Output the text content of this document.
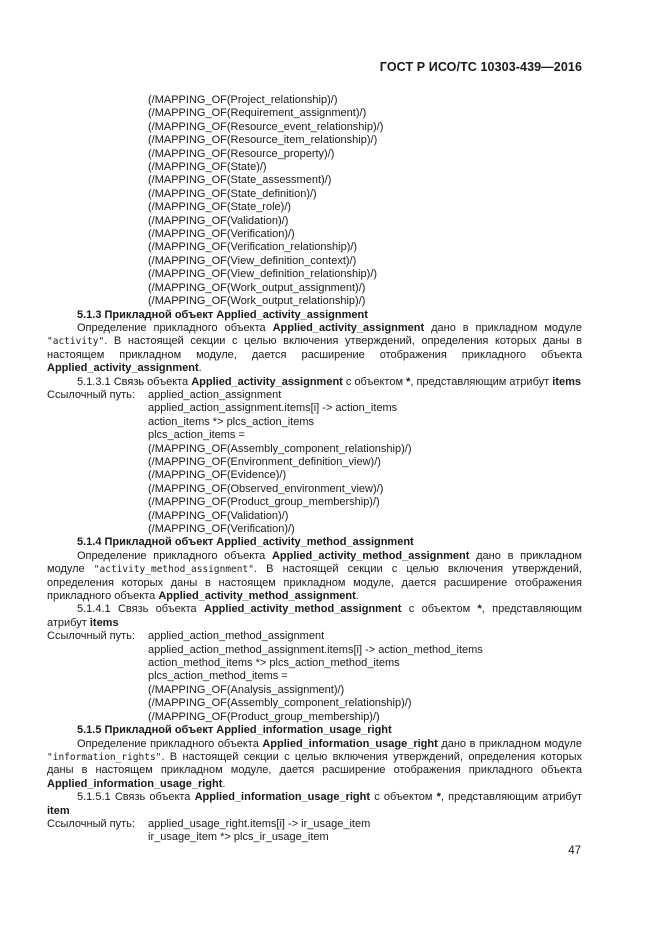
ГОСТ Р ИСО/ТС 10303-439—2016

(/MAPPING_OF(Project_relationship)/)

(/MAPPING_OF(Requirement_assignment)/)

(/MAPPING_OF(Resource_event_relationship)/)

(/MAPPING_OF(Resource_item_relationship)/)

(/MAPPING_OF(Resource_property)/)

(/MAPPING_OF(State)/)

(/MAPPING_OF(State_assessment)/)

(/MAPPING_OF(State_definition)/)

(/MAPPING_OF(State_role)/)

(/MAPPING_OF(Validation)/)

(/MAPPING_OF(Verification)/)

(/MAPPING_OF(Verification_relationship)/)

(/MAPPING_OF(View_definition_context)/)

(/MAPPING_OF(View_definition_relationship)/)

(/MAPPING_OF(Work_output_assignment)/)

(/MAPPING_OF(Work_output_relationship)/)

5.1.3 Прикладной объект Applied_activity_assignment

Определение прикладного объекта Applied_activity_assignment дано в прикладном модуле "activity". В настоящей секции с целью включения утверждений, определения которых даны в настоящем прикладном модуле, дается расширение отображения прикладного объекта Applied_activity_assignment.

5.1.3.1 Связь объекта Applied_activity_assignment с объектом *, представляющим атрибут items

Ссылочный путь:	applied_action_assignment

applied_action_assignment.items[i] -> action_items

action_items *> plcs_action_items

plcs_action_items =

(/MAPPING_OF(Assembly_component_relationship)/)

(/MAPPING_OF(Environment_definition_view)/)

(/MAPPING_OF(Evidence)/)

(/MAPPING_OF(Observed_environment_view)/)

(/MAPPING_OF(Product_group_membership)/)

(/MAPPING_OF(Validation)/)

(/MAPPING_OF(Verification)/)

5.1.4 Прикладной объект Applied_activity_method_assignment

Определение прикладного объекта Applied_activity_method_assignment дано в прикладном модуле "activity_method_assignment". В настоящей секции с целью включения утверждений, определения которых даны в настоящем прикладном модуле, дается расширение отображения прикладного объекта Applied_activity_method_assignment.

5.1.4.1 Связь объекта Applied_activity_method_assignment с объектом *, представляющим атрибут items

Ссылочный путь:	applied_action_method_assignment

applied_action_method_assignment.items[i] -> action_method_items

action_method_items *> plcs_action_method_items

plcs_action_method_items =

(/MAPPING_OF(Analysis_assignment)/)

(/MAPPING_OF(Assembly_component_relationship)/)

(/MAPPING_OF(Product_group_membership)/)

5.1.5 Прикладной объект Applied_information_usage_right

Определение прикладного объекта Applied_information_usage_right дано в прикладном модуле "information_rights". В настоящей секции с целью включения утверждений, определения которых даны в настоящем прикладном модуле, дается расширение отображения прикладного объекта Applied_information_usage_right.

5.1.5.1 Связь объекта Applied_information_usage_right с объектом *, представляющим атрибут item

Ссылочный путь:	applied_usage_right.items[i] -> ir_usage_item

ir_usage_item *> plcs_ir_usage_item

47
